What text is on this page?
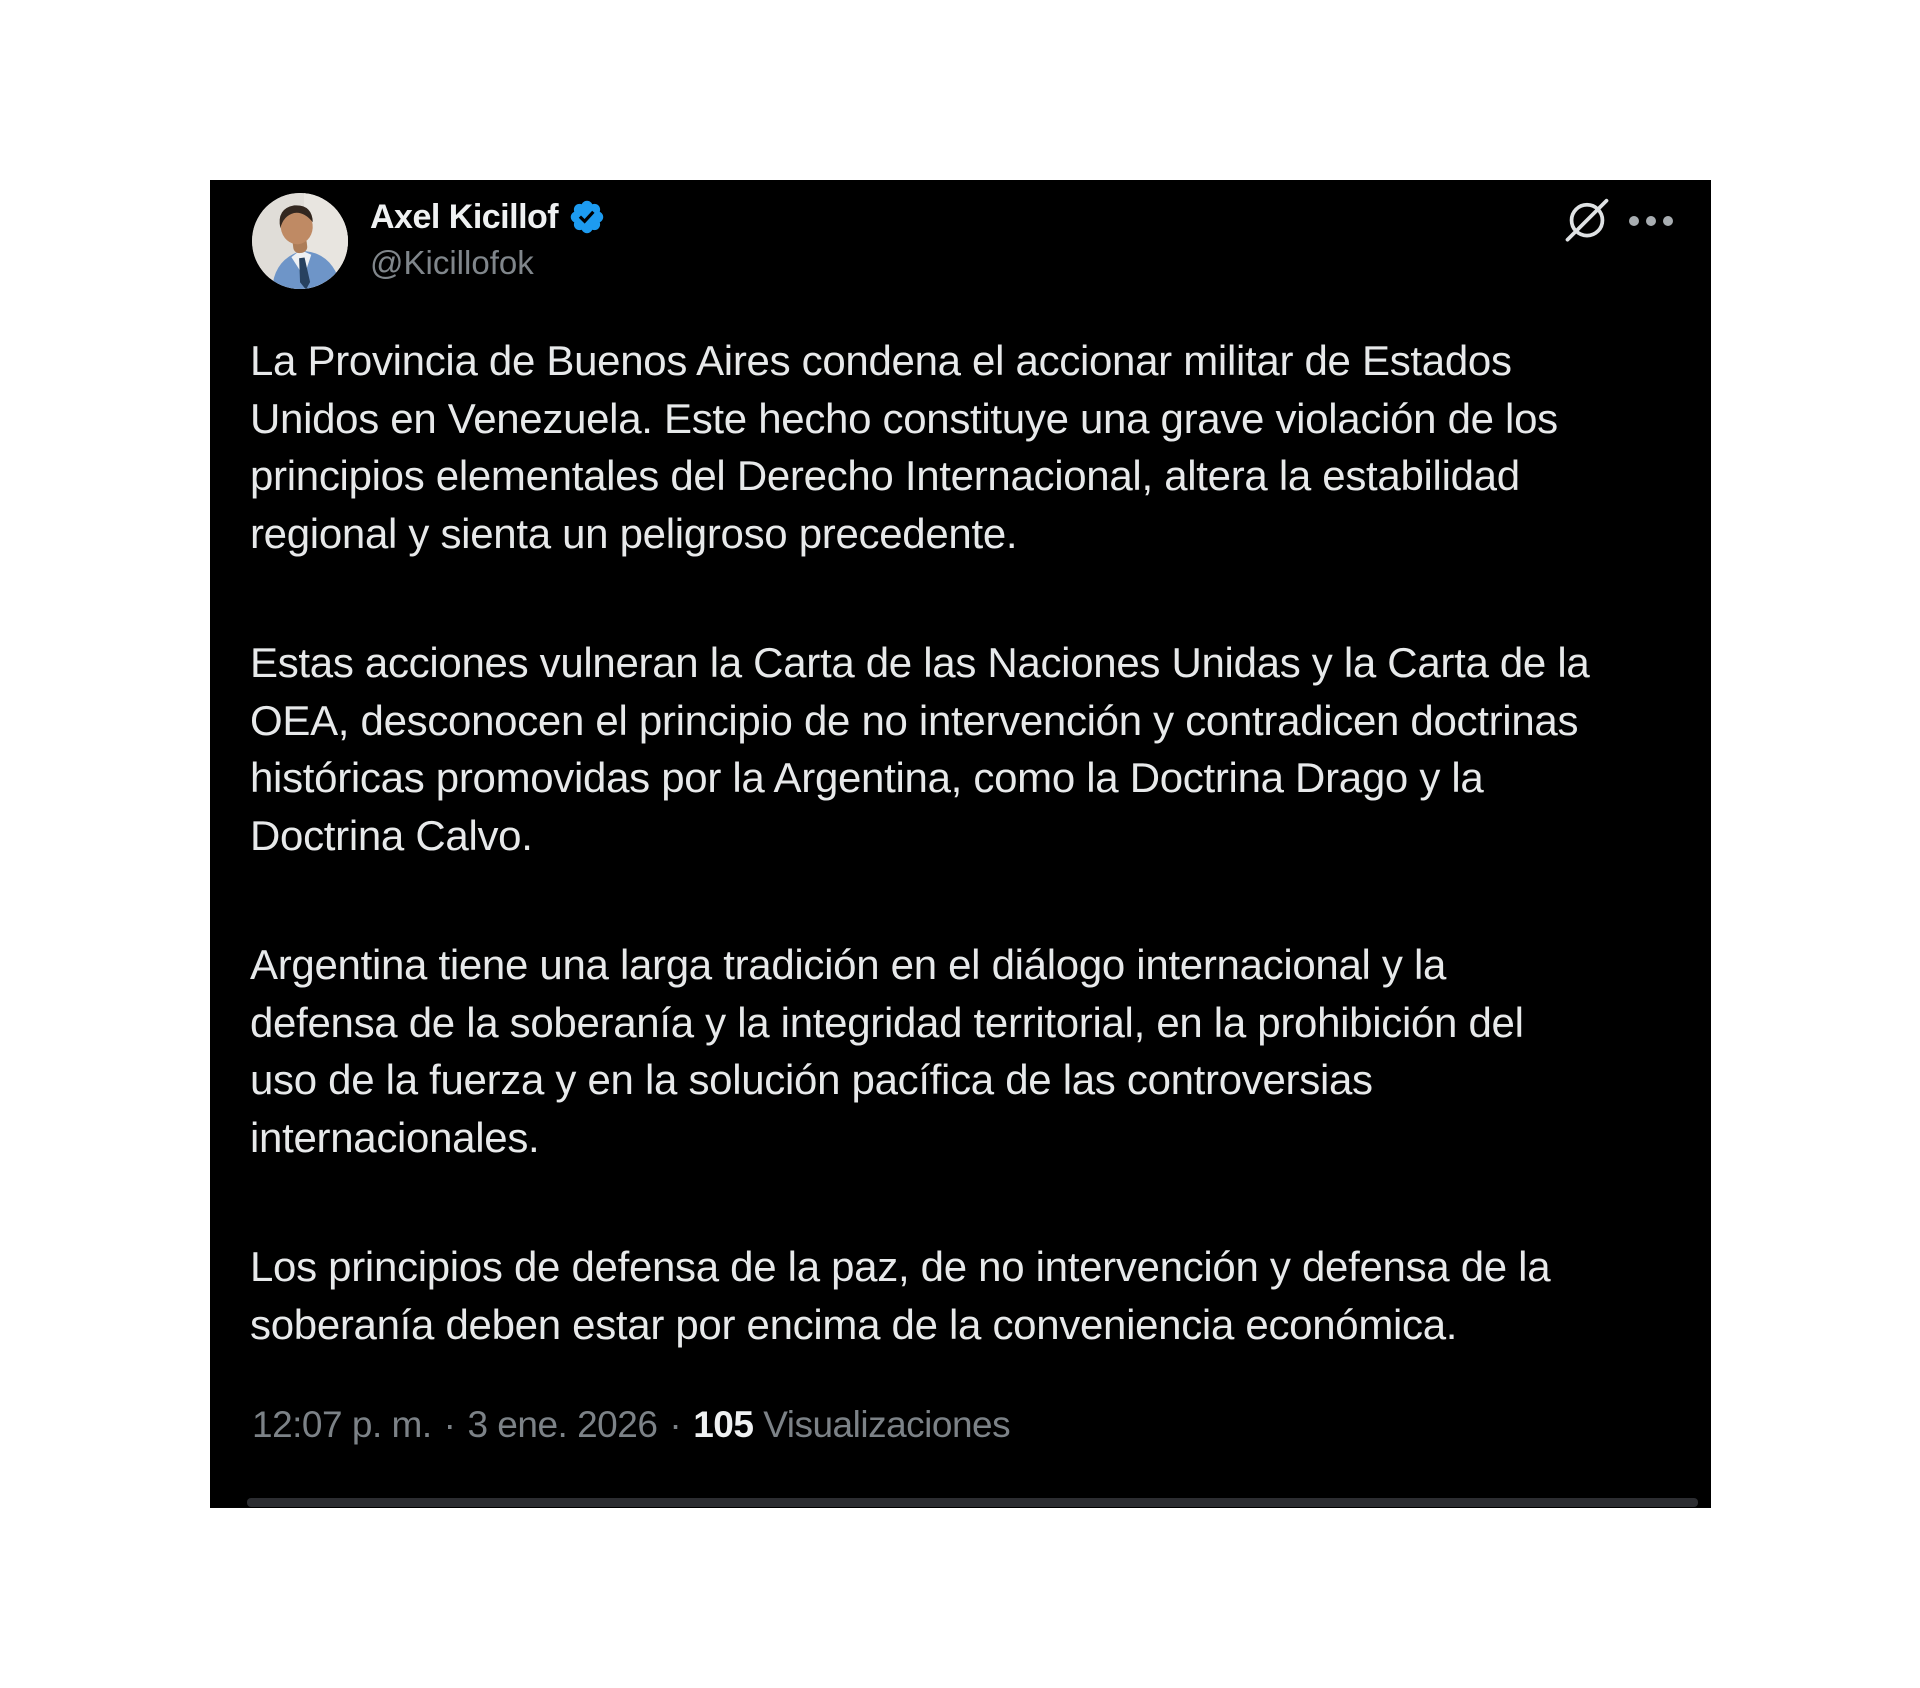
Axel Kicillof
@Kicillofok

La Provincia de Buenos Aires condena el accionar militar de Estados
Unidos en Venezuela. Este hecho constituye una grave violación de los
principios elementales del Derecho Internacional, altera la estabilidad
regional y sienta un peligroso precedente.

Estas acciones vulneran la Carta de las Naciones Unidas y la Carta de la
OEA, desconocen el principio de no intervención y contradicen doctrinas
históricas promovidas por la Argentina, como la Doctrina Drago y la
Doctrina Calvo.

Argentina tiene una larga tradición en el diálogo internacional y la
defensa de la soberanía y la integridad territorial, en la prohibición del
uso de la fuerza y en la solución pacífica de las controversias
internacionales.

Los principios de defensa de la paz, de no intervención y defensa de la
soberanía deben estar por encima de la conveniencia económica.

12:07 p. m. · 3 ene. 2026 · 105 Visualizaciones
